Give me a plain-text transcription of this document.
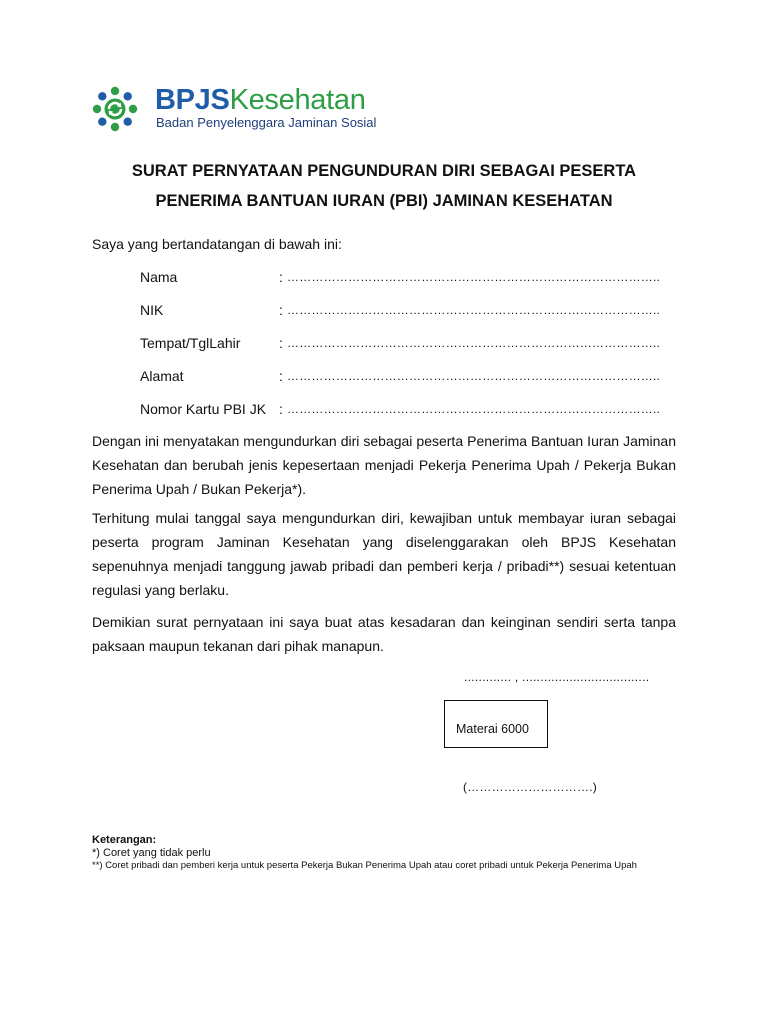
BPJSKesehatan
Badan Penyelenggara Jaminan Sosial
SURAT PERNYATAAN PENGUNDURAN DIRI SEBAGAI PESERTA
PENERIMA BANTUAN IURAN (PBI) JAMINAN KESEHATAN
Saya yang bertandatangan di bawah ini:
Nama	: ………………………………………………………………………………..
NIK	: ………………………………………………………………………………..
Tempat/TglLahir	: ………………………………………………………………………………..
Alamat	: ………………………………………………………………………………..
Nomor Kartu PBI JK : ………………………………………………………………………………..
Dengan ini menyatakan mengundurkan diri sebagai peserta Penerima Bantuan Iuran Jaminan Kesehatan dan berubah jenis kepesertaan menjadi Pekerja Penerima Upah / Pekerja Bukan Penerima Upah / Bukan Pekerja*).
Terhitung mulai tanggal saya mengundurkan diri, kewajiban untuk membayar iuran sebagai peserta program Jaminan Kesehatan yang diselenggarakan oleh BPJS Kesehatan sepenuhnya menjadi tanggung jawab pribadi dan pemberi kerja / pribadi**) sesuai ketentuan regulasi yang berlaku.
Demikian surat pernyataan ini saya buat atas kesadaran dan keinginan sendiri serta tanpa paksaan maupun tekanan dari pihak manapun.
............. , ...................................
Materai 6000
(………………………….)
Keterangan:
*) Coret yang tidak perlu
**) Coret pribadi dan pemberi kerja untuk peserta Pekerja Bukan Penerima Upah atau coret pribadi untuk Pekerja Penerima Upah
